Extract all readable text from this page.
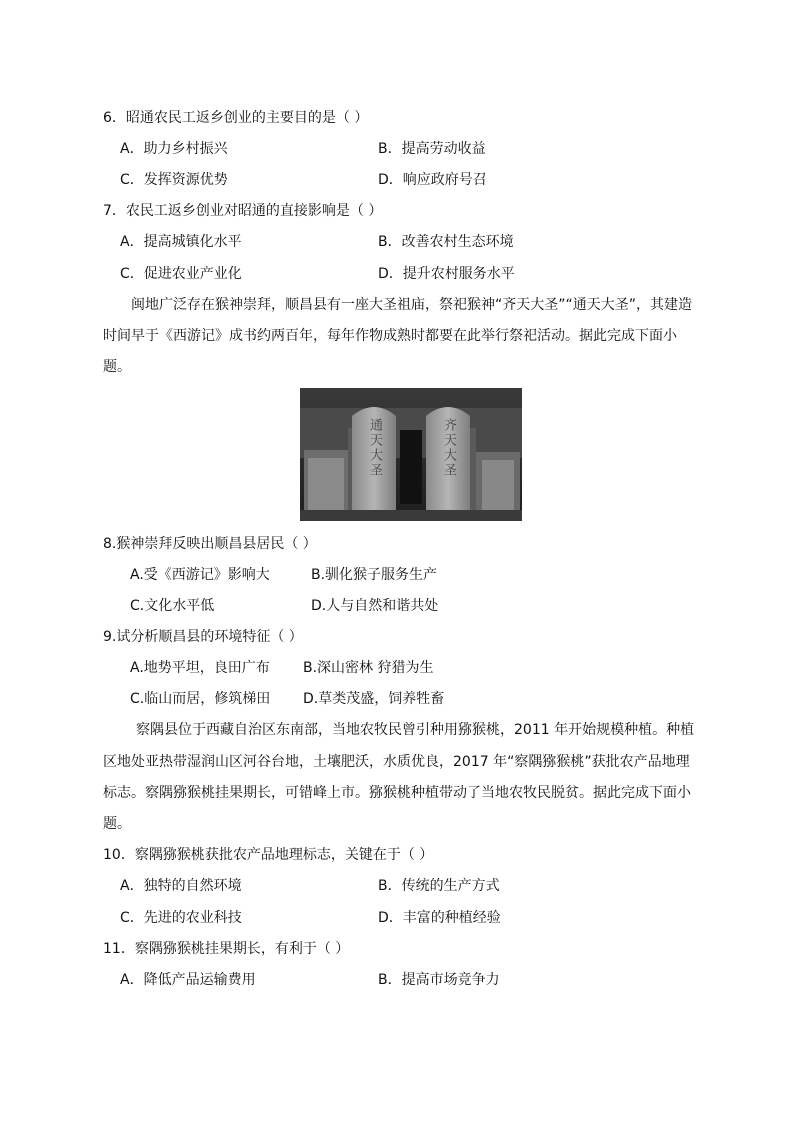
6．昭通农民工返乡创业的主要目的是（ ）
A．助力乡村振兴	B．提高劳动收益
C．发挥资源优势	D．响应政府号召
7．农民工返乡创业对昭通的直接影响是（ ）
A．提高城镇化水平	B．改善农村生态环境
C．促进农业产业化	D．提升农村服务水平
闽地广泛存在猴神崇拜，顺昌县有一座大圣祖庙，祭祀猴神“齐天大圣”“通天大圣”，其建造
时间早于《西游记》成书约两百年，每年作物成熟时都要在此举行祭祀活动。据此完成下面小
题。
通天大圣	齐天大圣
8.猴神崇拜反映出顺昌县居民（ ）
A.受《西游记》影响大	B.驯化猴子服务生产
C.文化水平低	D.人与自然和谐共处
9.试分析顺昌县的环境特征（ ）
A.地势平坦，良田广布 B.深山密林 狩猎为生
C.临山而居，修筑梯田 D.草类茂盛，饲养牲畜
察隅县位于西藏自治区东南部，当地农牧民曾引种用猕猴桃，2011 年开始规模种植。种植
区地处亚热带湿润山区河谷台地，土壤肥沃，水质优良，2017 年“察隅猕猴桃”获批农产品地理
标志。察隅猕猴桃挂果期长，可错峰上市。猕猴桃种植带动了当地农牧民脱贫。据此完成下面小
题。
10．察隅猕猴桃获批农产品地理标志，关键在于（ ）
A．独特的自然环境	B．传统的生产方式
C．先进的农业科技	D．丰富的种植经验
11．察隅猕猴桃挂果期长，有利于（ ）
A．降低产品运输费用	B．提高市场竞争力
